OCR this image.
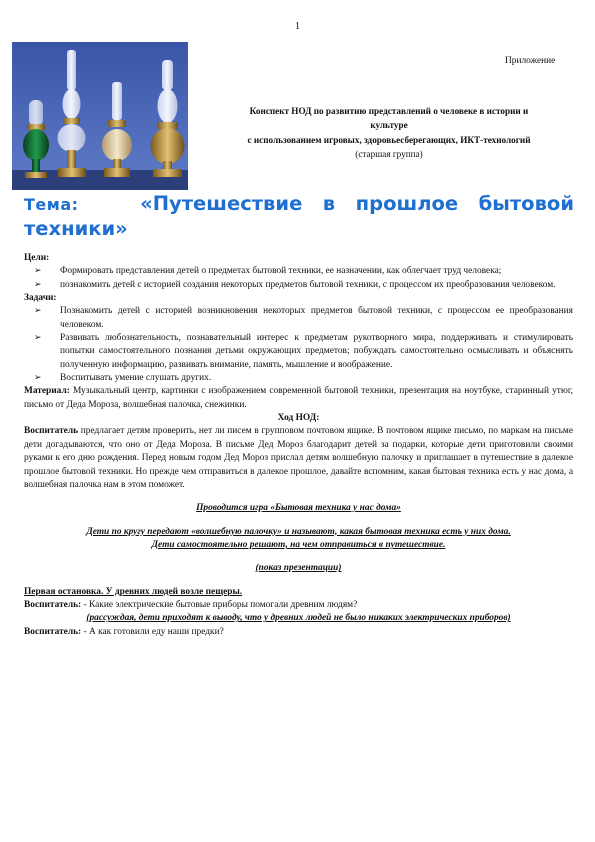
1
Приложение
Конспект НОД по развитию представлений о человеке в истории и
культуре
с использованием игровых, здоровьесберегающих, ИКТ-технологий
(старшая группа)
Тема:	«Путешествие в прошлое бытовой техники»
Цели:
➢ Формировать представления детей о предметах бытовой техники, ее назначении, как облегчает труд человека;
➢ познакомить детей с историей создания некоторых предметов бытовой техники, с процессом их преобразования человеком.
Задачи:
➢ Познакомить детей с историей возникновения некоторых предметов бытовой техники, с процессом ее преобразования человеком.
➢ Развивать любознательность, познавательный интерес к предметам рукотворного мира, поддерживать и стимулировать попытки самостоятельного познания детьми окружающих предметов; побуждать самостоятельно осмысливать и объяснять полученную информацию, развивать внимание, память, мышление и воображение.
➢ Воспитывать умение слушать других.
Материал: Музыкальный центр, картинки с изображением современной бытовой техники, презентация на ноутбуке, старинный утюг, письмо от Деда Мороза, волшебная палочка, снежинки.
Ход НОД:
Воспитатель предлагает детям проверить, нет ли писем в групповом почтовом ящике. В почтовом ящике письмо, по маркам на письме дети догадываются, что оно от Деда Мороза. В письме Дед Мороз благодарит детей за подарки, которые дети приготовили своими руками к его дню рождения. Перед новым годом Дед Мороз прислал детям волшебную палочку и приглашает в путешествие в далекое прошлое бытовой техники. Но прежде чем отправиться в далекое прошлое, давайте вспомним, какая бытовая техника есть у нас дома, а волшебная палочка нам в этом поможет.
Проводится игра «Бытовая техника у нас дома»
Дети по кругу передают «волшебную палочку» и называют, какая бытовая техника есть у них дома.
Дети самостоятельно решают, на чем отправиться в путешествие.
(показ презентации)
Первая остановка. У древних людей возле пещеры.
Воспитатель: - Какие электрические бытовые приборы помогали древним людям?
(рассуждая, дети приходят к выводу, что у древних людей не было никаких электрических приборов)
Воспитатель: - А как готовили еду наши предки?
